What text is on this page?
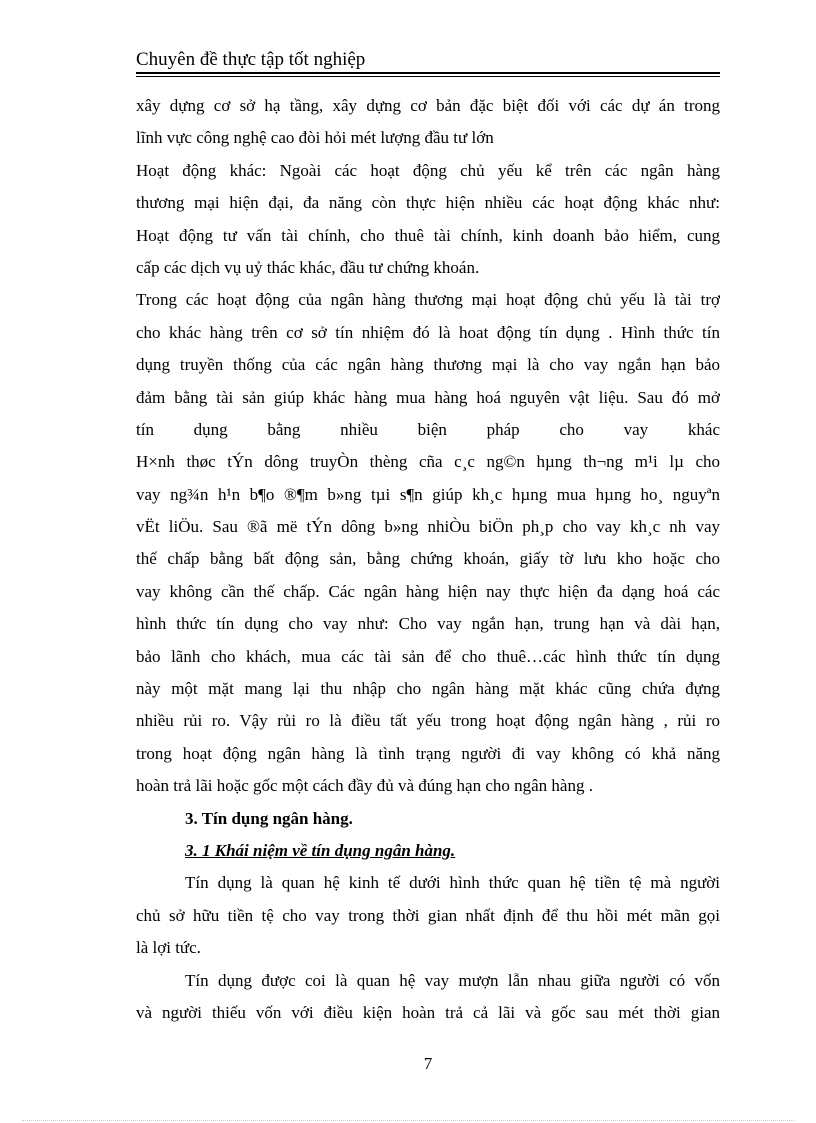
Chuyên đề thực tập tốt nghiệp
xây dựng cơ sở hạ tầng, xây dựng cơ bản đặc biệt đối với các dự án trong
lĩnh vực công nghệ cao đòi hỏi mét lượng đầu tư lớn
Hoạt động khác: Ngoài các hoạt động chủ yếu kể trên các ngân hàng
thương mại hiện đại, đa năng còn thực hiện nhiều các hoạt động khác như:
Hoạt động tư vấn tài chính, cho thuê tài chính, kinh doanh bảo hiểm, cung
cấp các dịch vụ uỷ thác khác, đầu tư chứng khoán.
Trong các hoạt động của ngân hàng thương mại hoạt động chủ yếu là tài trợ
cho khác hàng trên cơ sở tín nhiệm đó là hoat động tín dụng . Hình thức tín
dụng truyền thống của các ngân hàng thương mại là cho vay ngắn hạn bảo
đảm bằng tài sản giúp khác hàng mua hàng hoá nguyên vật liệu. Sau đó mở
tín dụng bằng nhiều biện pháp cho vay khác
H×nh thøc tÝn dông truyÒn thèng cña c¸c ng©n hµng th¬ng m¹i lµ cho
vay ng¾n h¹n b¶o ®¶m b»ng tµi s¶n giúp kh¸c hµng mua hµng ho¸ nguyªn
vËt liÖu. Sau ®ã më tÝn dông b»ng nhiÒu biÖn ph¸p cho vay kh¸c nh vay
thế chấp bằng bất động sản, bằng chứng khoán, giấy tờ lưu kho hoặc cho
vay không cần thế chấp. Các ngân hàng hiện nay thực hiện đa dạng hoá các
hình thức tín dụng cho vay như: Cho vay ngắn hạn, trung hạn và dài hạn,
bảo lãnh cho khách, mua các tài sản để cho thuê…các hình thức tín dụng
này một mặt mang lại thu nhập cho ngân hàng mặt khác cũng chứa đựng
nhiều rủi ro. Vậy rủi ro là điều tất yếu trong hoạt động ngân hàng , rủi ro
trong hoạt động ngân hàng là tình trạng người đi vay không có khả năng
hoàn trả lãi hoặc gốc một cách đầy đủ và đúng hạn cho ngân hàng .
3. Tín dụng ngân hàng.
3. 1 Khái niệm về tín dụng ngân hàng.
Tín dụng là quan hệ kinh tế dưới hình thức quan hệ tiền tệ mà người
chủ sở hữu tiền tệ cho vay trong thời gian nhất định để thu hồi mét mãn gọi
là lợi tức.
Tín dụng được coi là quan hệ vay mượn lẫn nhau giữa người có vốn
và người thiếu vốn với điều kiện hoàn trả cả lãi và gốc sau mét thời gian
7
